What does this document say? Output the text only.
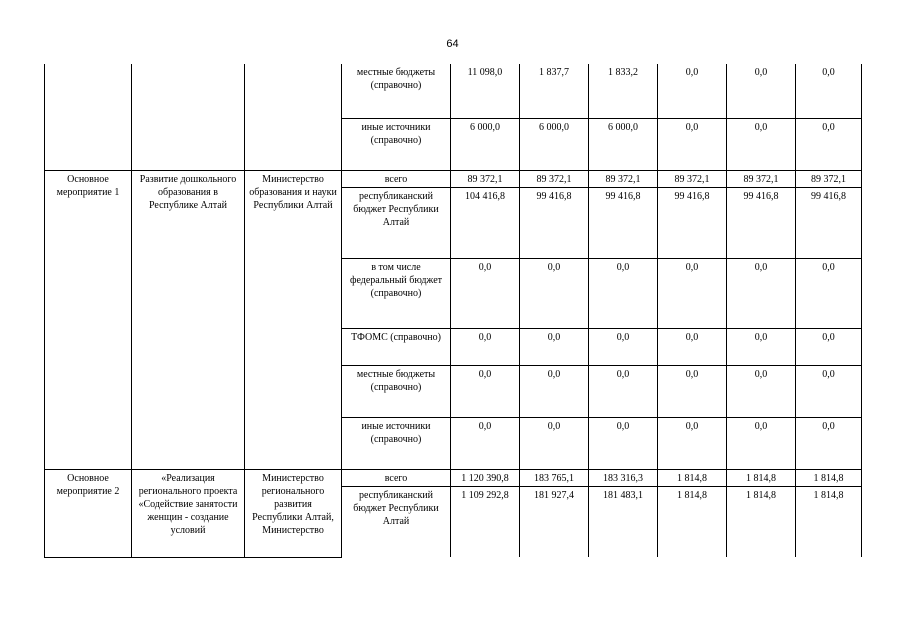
64
			местные бюджеты (справочно)	11 098,0	1 837,7	1 833,2	0,0	0,0	0,0
			иные источники (справочно)	6 000,0	6 000,0	6 000,0	0,0	0,0	0,0
Основное мероприятие 1	Развитие дошкольного образования в Республике Алтай	Министерство образования и науки Республики Алтай	всего	89 372,1	89 372,1	89 372,1	89 372,1	89 372,1	89 372,1
			республиканский бюджет Республики Алтай	104 416,8	99 416,8	99 416,8	99 416,8	99 416,8	99 416,8
			в том числе федеральный бюджет (справочно)	0,0	0,0	0,0	0,0	0,0	0,0
			ТФОМС (справочно)	0,0	0,0	0,0	0,0	0,0	0,0
			местные бюджеты (справочно)	0,0	0,0	0,0	0,0	0,0	0,0
			иные источники (справочно)	0,0	0,0	0,0	0,0	0,0	0,0
Основное мероприятие 2	«Реализация регионального проекта «Содействие занятости женщин - создание условий	Министерство регионального развития Республики Алтай, Министерство	всего	1 120 390,8	183 765,1	183 316,3	1 814,8	1 814,8	1 814,8
			республиканский бюджет Республики Алтай	1 109 292,8	181 927,4	181 483,1	1 814,8	1 814,8	1 814,8
